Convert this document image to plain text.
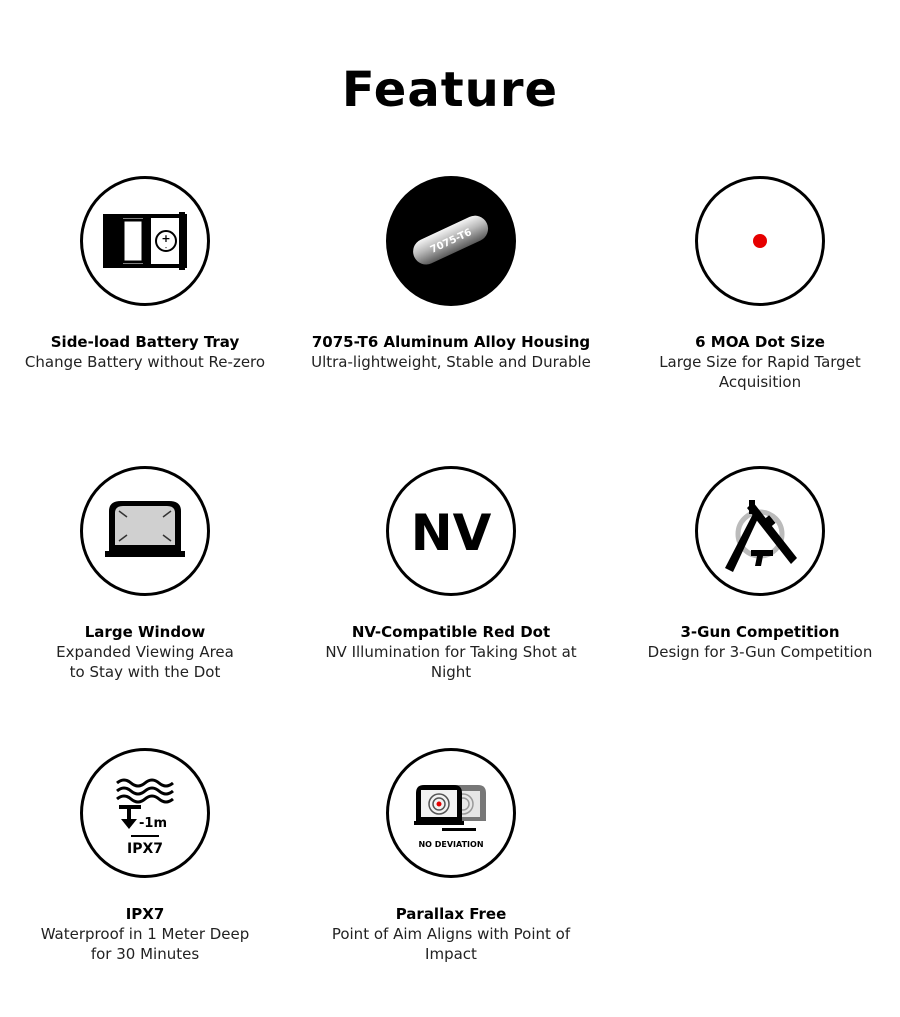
Feature
+
-
Side-load Battery Tray
Change Battery without Re-zero
7075-T6
7075-T6 Aluminum Alloy Housing
Ultra-lightweight, Stable and Durable
6 MOA Dot Size
Large Size for Rapid Target
Acquisition
Large Window
Expanded Viewing Area
to Stay with the Dot
NV
NV-Compatible Red Dot
NV Illumination for Taking Shot at Night
3-Gun Competition
Design for 3-Gun Competition
-1m
IPX7
IPX7
Waterproof in 1 Meter Deep
for 30 Minutes
NO DEVIATION
Parallax Free
Point of Aim Aligns with Point of Impact
